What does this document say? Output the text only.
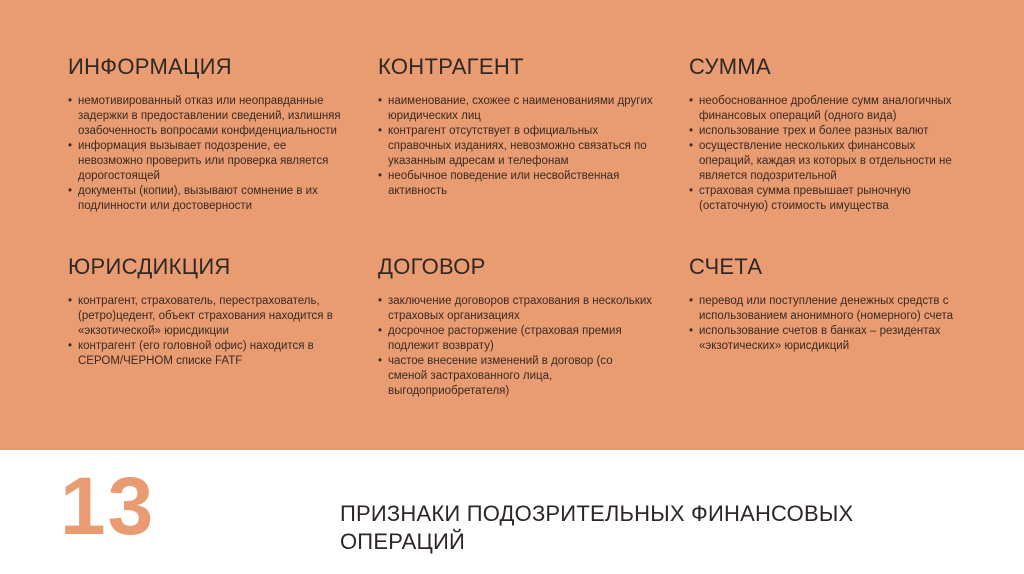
ИНФОРМАЦИЯ
• немотивированный отказ или неоправданные задержки в предоставлении сведений, излишняя озабоченность вопросами конфиденциальности
• информация вызывает подозрение, ее невозможно проверить или проверка является дорогостоящей
• документы (копии), вызывают сомнение в их подлинности или достоверности
КОНТРАГЕНТ
• наименование, схожее с наименованиями других юридических лиц
• контрагент отсутствует в официальных справочных изданиях, невозможно связаться по указанным адресам и телефонам
• необычное поведение или несвойственная активность
СУММА
• необоснованное дробление сумм аналогичных финансовых операций (одного вида)
• использование трех и более разных валют
• осуществление нескольких финансовых операций, каждая из которых в отдельности не является подозрительной
• страховая сумма превышает рыночную (остаточную) стоимость имущества
ЮРИСДИКЦИЯ
• контрагент, страхователь, перестрахователь, (ретро)цедент, объект страхования находится в «экзотической» юрисдикции
• контрагент (его головной офис) находится в СЕРОМ/ЧЕРНОМ списке FATF
ДОГОВОР
• заключение договоров страхования в нескольких страховых организациях
• досрочное расторжение (страховая премия подлежит возврату)
• частое внесение изменений в договор (со сменой застрахованного лица, выгодоприобретателя)
СЧЕТА
• перевод или поступление денежных средств с использованием анонимного (номерного) счета
• использование счетов в банках – резидентах «экзотических» юрисдикций
13	ПРИЗНАКИ ПОДОЗРИТЕЛЬНЫХ ФИНАНСОВЫХ ОПЕРАЦИЙ
